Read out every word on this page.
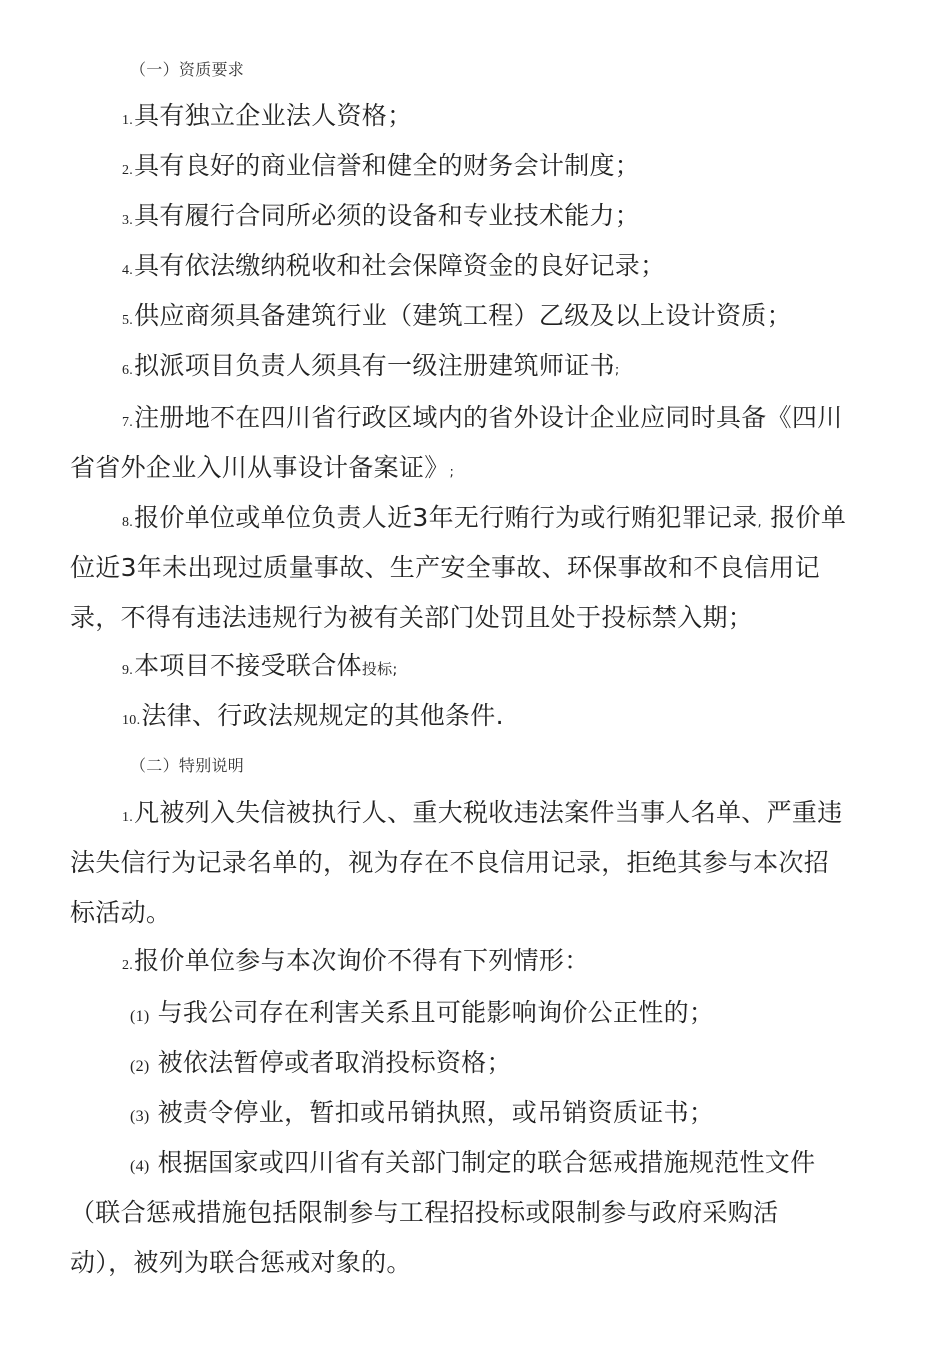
（一）资质要求
1.具有独立企业法人资格；
2.具有良好的商业信誉和健全的财务会计制度；
3.具有履行合同所必须的设备和专业技术能力；
4.具有依法缴纳税收和社会保障资金的良好记录；
5.供应商须具备建筑行业（建筑工程）乙级及以上设计资质；
6.拟派项目负责人须具有一级注册建筑师证书;
7.注册地不在四川省行政区域内的省外设计企业应同时具备《四川
省省外企业入川从事设计备案证》;
8.报价单位或单位负责人近3年无行贿行为或行贿犯罪记录, 报价单
位近3年未出现过质量事故、生产安全事故、环保事故和不良信用记
录，不得有违法违规行为被有关部门处罚且处于投标禁入期；
9.本项目不接受联合体投标;
10.法律、行政法规规定的其他条件.
（二）特别说明
1.凡被列入失信被执行人、重大税收违法案件当事人名单、严重违
法失信行为记录名单的，视为存在不良信用记录，拒绝其参与本次招
标活动。
2.报价单位参与本次询价不得有下列情形：
(1) 与我公司存在利害关系且可能影响询价公正性的；
(2) 被依法暂停或者取消投标资格；
(3) 被责令停业，暂扣或吊销执照，或吊销资质证书；
(4) 根据国家或四川省有关部门制定的联合惩戒措施规范性文件
（联合惩戒措施包括限制参与工程招投标或限制参与政府采购活
动），被列为联合惩戒对象的。
